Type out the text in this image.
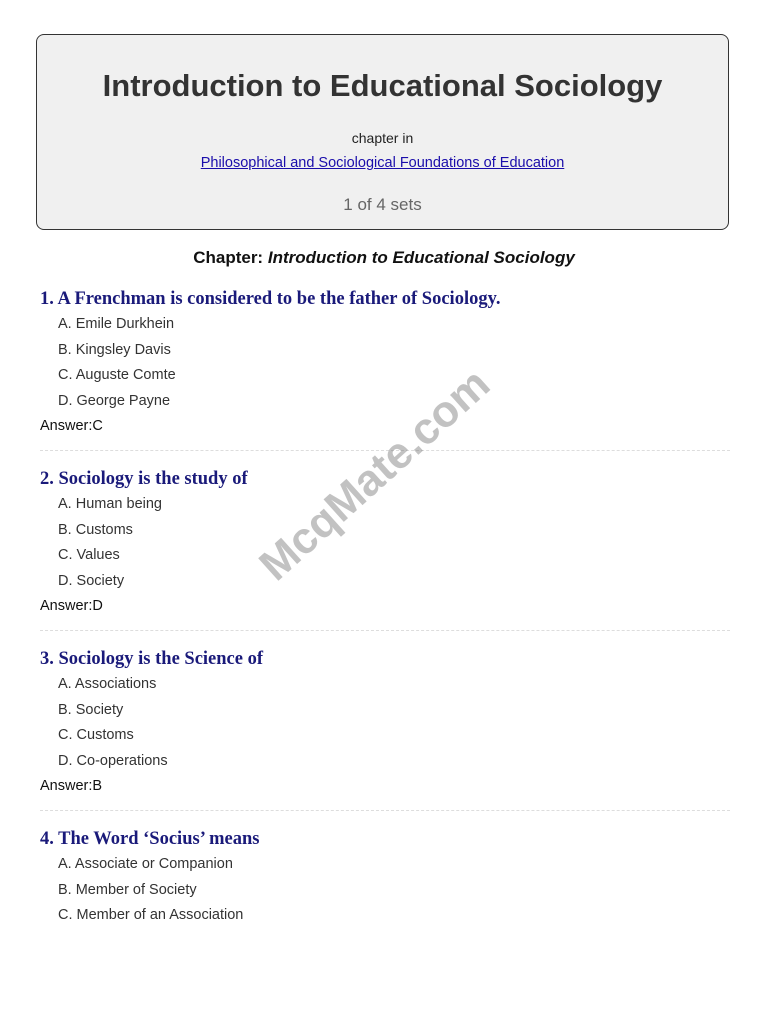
Introduction to Educational Sociology
chapter in
Philosophical and Sociological Foundations of Education
1 of 4 sets
Chapter: Introduction to Educational Sociology

1. A Frenchman is considered to be the father of Sociology.

A. Emile Durkhein
B. Kingsley Davis
C. Auguste Comte
D. George Payne
Answer:C

2. Sociology is the study of

A. Human being
B. Customs
C. Values
D. Society
Answer:D

3. Sociology is the Science of

A. Associations
B. Society
C. Customs
D. Co-operations
Answer:B

4. The Word ‘Socius’ means

A. Associate or Companion
B. Member of Society
C. Member of an Association
McqMate.com
